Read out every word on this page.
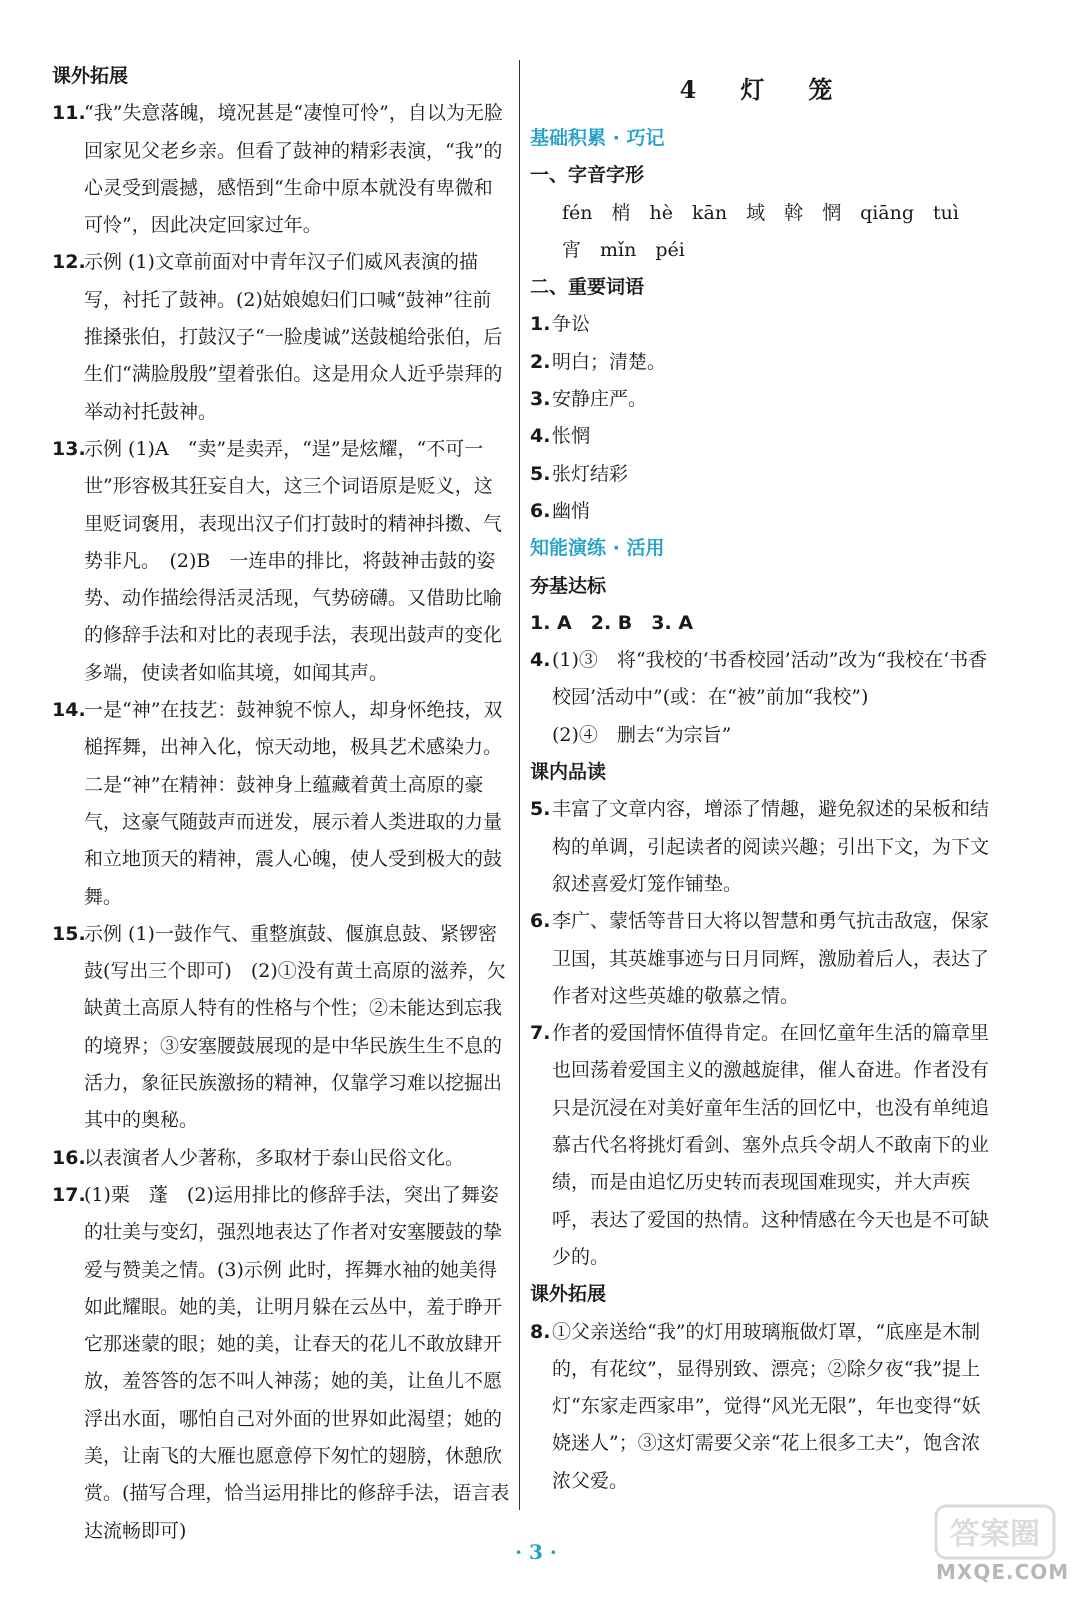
课外拓展
11.
“我”失意落魄，境况甚是“凄惶可怜”，自以为无脸回家见父老乡亲。但看了鼓神的精彩表演，“我”的心灵受到震撼，感悟到“生命中原本就没有卑微和可怜”，因此决定回家过年。
12.
示例 (1)文章前面对中青年汉子们威风表演的描写，衬托了鼓神。(2)姑娘媳妇们口喊“鼓神”往前推搡张伯，打鼓汉子“一脸虔诚”送鼓槌给张伯，后生们“满脸殷殷”望着张伯。这是用众人近乎崇拜的举动衬托鼓神。
13.
示例 (1)A　“卖”是卖弄，“逞”是炫耀，“不可一世”形容极其狂妄自大，这三个词语原是贬义，这里贬词褒用，表现出汉子们打鼓时的精神抖擞、气势非凡。　(2)B　一连串的排比，将鼓神击鼓的姿势、动作描绘得活灵活现，气势磅礴。又借助比喻的修辞手法和对比的表现手法，表现出鼓声的变化多端，使读者如临其境，如闻其声。
14.
一是“神”在技艺：鼓神貌不惊人，却身怀绝技，双槌挥舞，出神入化，惊天动地，极具艺术感染力。二是“神”在精神：鼓神身上蕴藏着黄土高原的豪气，这豪气随鼓声而迸发，展示着人类进取的力量和立地顶天的精神，震人心魄，使人受到极大的鼓舞。
15.
示例 (1)一鼓作气、重整旗鼓、偃旗息鼓、紧锣密鼓(写出三个即可)　(2)①没有黄土高原的滋养，欠缺黄土高原人特有的性格与个性；②未能达到忘我的境界；③安塞腰鼓展现的是中华民族生生不息的活力，象征民族激扬的精神，仅靠学习难以挖掘出其中的奥秘。
16.
以表演者人少著称，多取材于泰山民俗文化。
17.
(1)栗　蓬　(2)运用排比的修辞手法，突出了舞姿的壮美与变幻，强烈地表达了作者对安塞腰鼓的挚爱与赞美之情。(3)示例 此时，挥舞水袖的她美得如此耀眼。她的美，让明月躲在云丛中，羞于睁开它那迷蒙的眼；她的美，让春天的花儿不敢放肆开放，羞答答的怎不叫人神荡；她的美，让鱼儿不愿浮出水面，哪怕自己对外面的世界如此渴望；她的美，让南飞的大雁也愿意停下匆忙的翅膀，休憩欣赏。(描写合理，恰当运用排比的修辞手法，语言表达流畅即可)
4　灯　笼
基础积累 · 巧记
一、字音字形
fén　梢　hè　kān　域　斡　惘　qiāng　tuì
宵　mǐn　péi
二、重要词语
1. 争讼
2. 明白；清楚。
3. 安静庄严。
4. 怅惘
5. 张灯结彩
6. 幽悄
知能演练 · 活用
夯基达标
1. A　2. B　3. A
4. (1)③　将“我校的‘书香校园’活动”改为“我校在‘书香校园’活动中”(或：在“被”前加“我校”)
(2)④　删去“为宗旨”
课内品读
5. 丰富了文章内容，增添了情趣，避免叙述的呆板和结构的单调，引起读者的阅读兴趣；引出下文，为下文叙述喜爱灯笼作铺垫。
6. 李广、蒙恬等昔日大将以智慧和勇气抗击敌寇，保家卫国，其英雄事迹与日月同辉，激励着后人，表达了作者对这些英雄的敬慕之情。
7. 作者的爱国情怀值得肯定。在回忆童年生活的篇章里也回荡着爱国主义的激越旋律，催人奋进。作者没有只是沉浸在对美好童年生活的回忆中，也没有单纯追慕古代名将挑灯看剑、塞外点兵令胡人不敢南下的业绩，而是由追忆历史转而表现国难现实，并大声疾呼，表达了爱国的热情。这种情感在今天也是不可缺少的。
课外拓展
8. ①父亲送给“我”的灯用玻璃瓶做灯罩，“底座是木制的，有花纹”，显得别致、漂亮；②除夕夜“我”提上灯“东家走西家串”，觉得“风光无限”，年也变得“妖娆迷人”；③这灯需要父亲“花上很多工夫”，饱含浓浓父爱。
· 3 ·	答案圈
MXQE.COM
